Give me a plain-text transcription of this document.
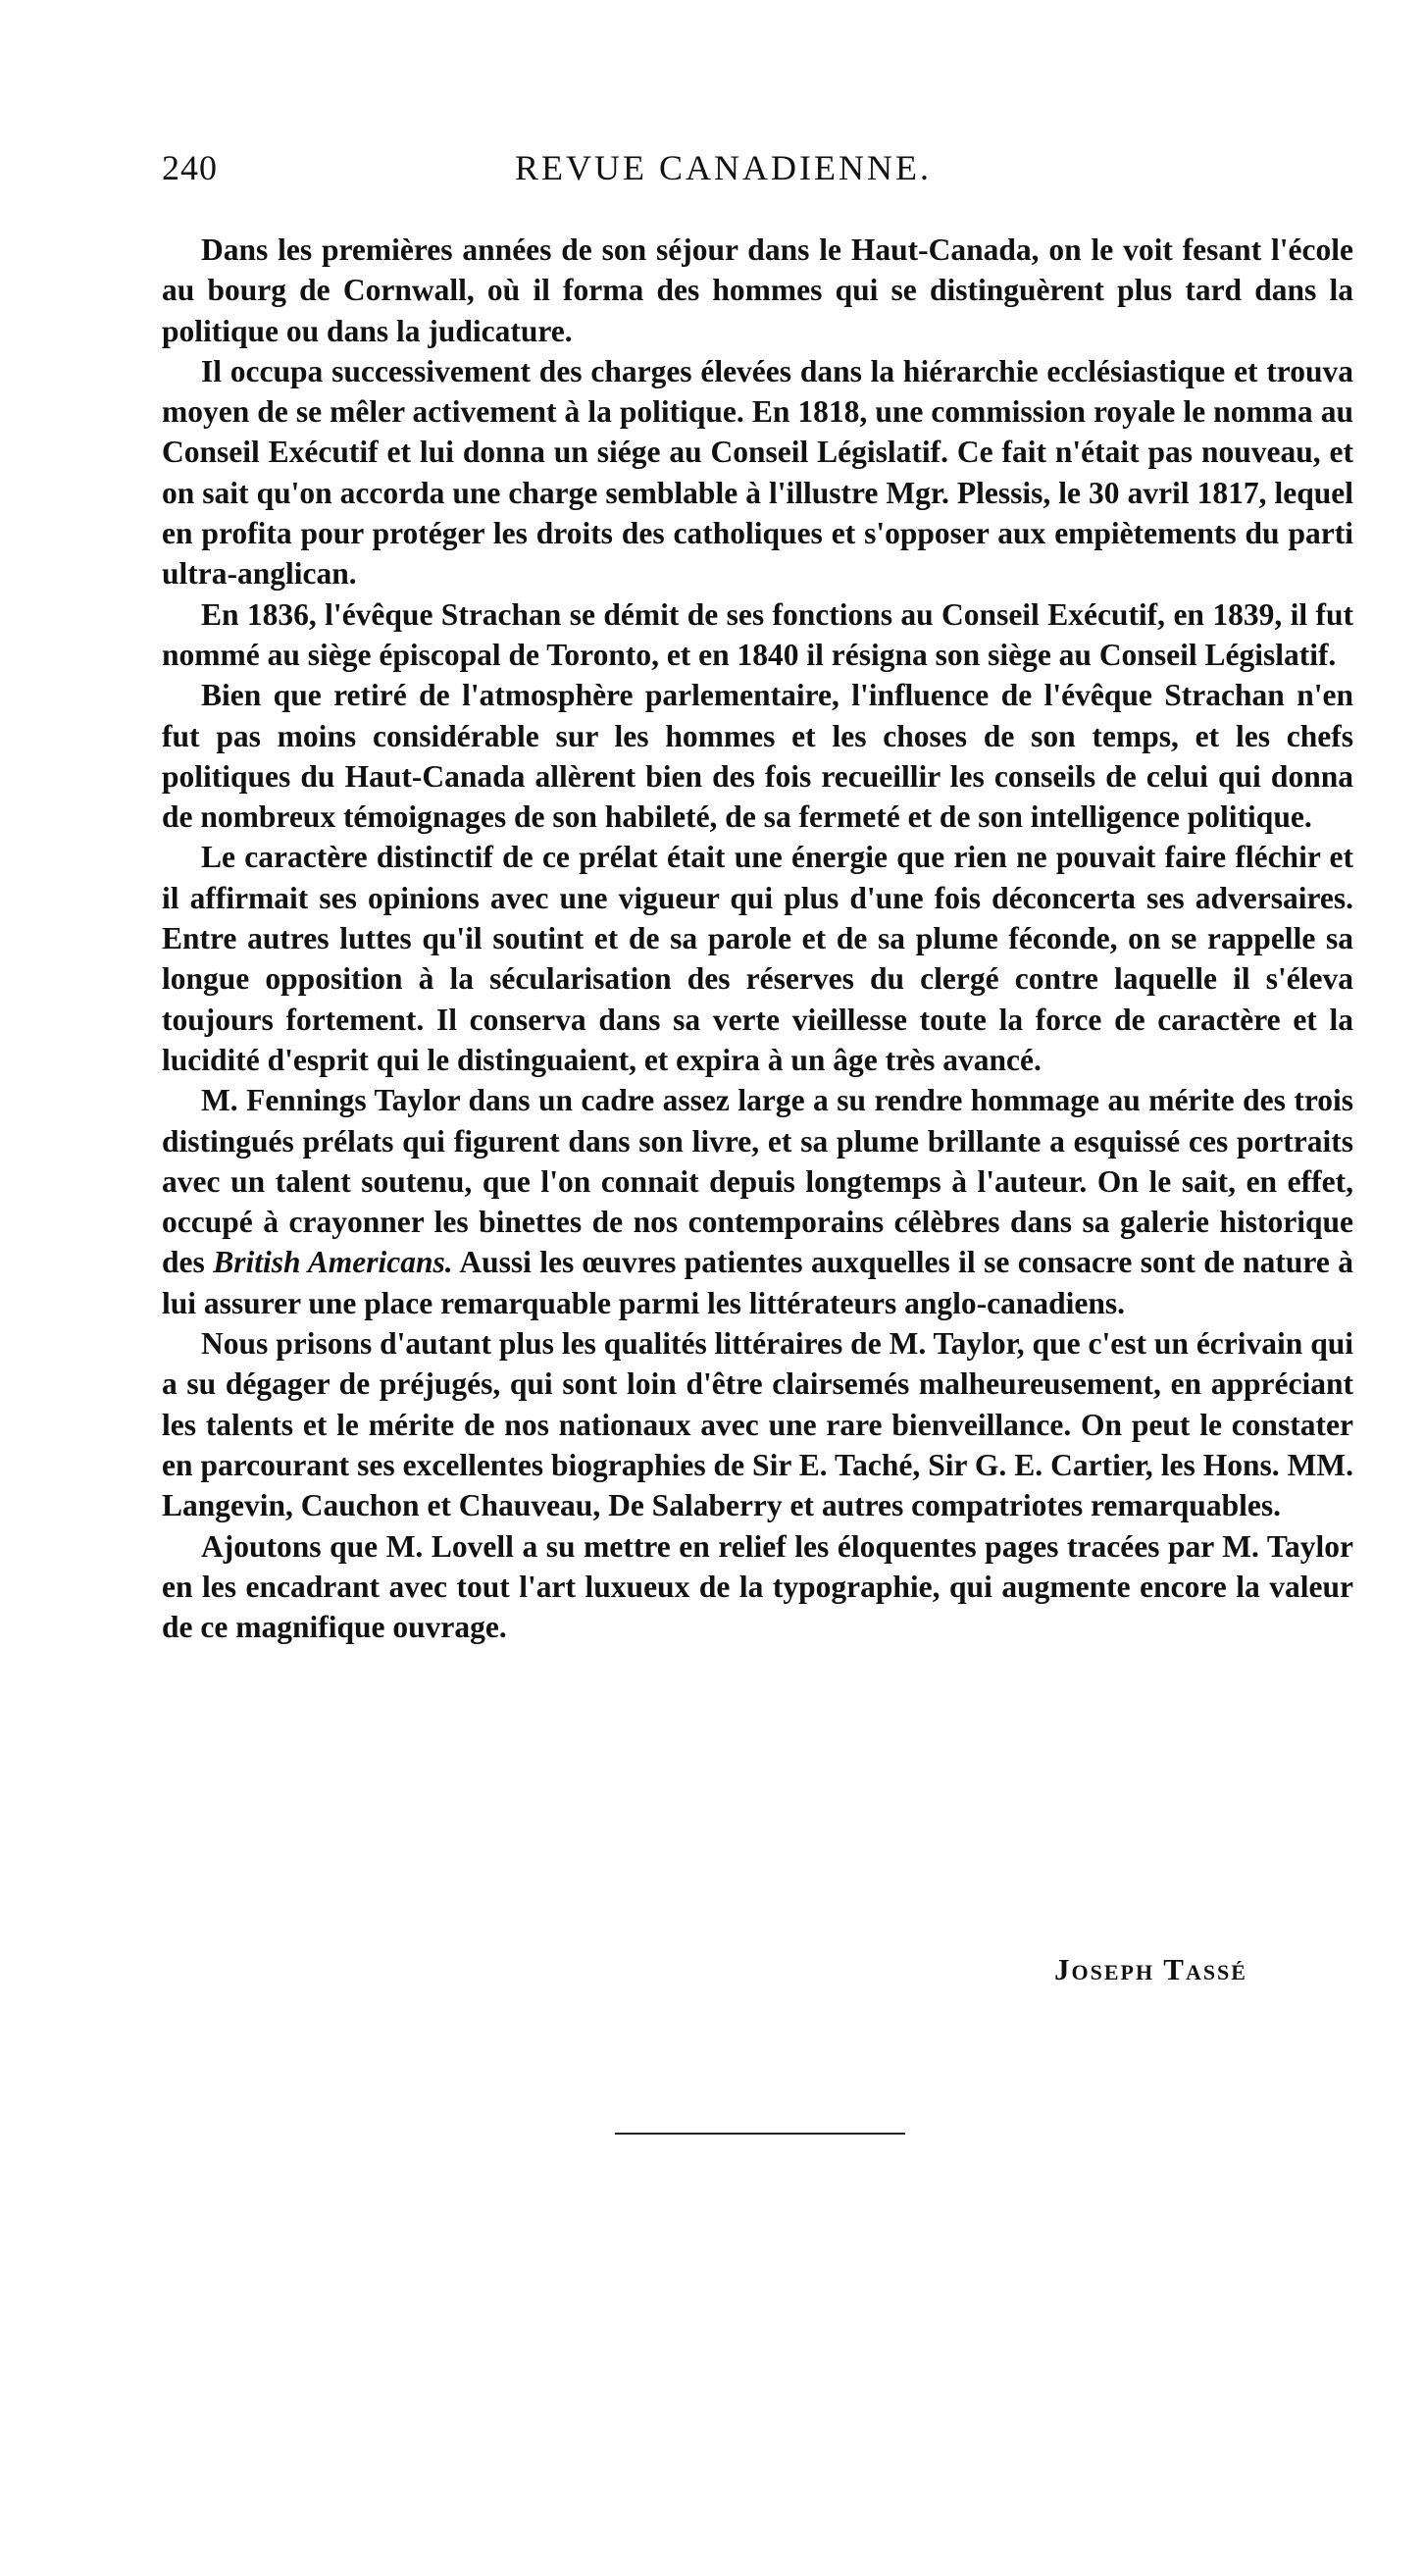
240	REVUE CANADIENNE.

Dans les premières années de son séjour dans le Haut-Canada, on le voit fesant l'école au bourg de Cornwall, où il forma des hommes qui se distinguèrent plus tard dans la politique ou dans la judicature.

Il occupa successivement des charges élevées dans la hiérarchie ecclésiastique et trouva moyen de se mêler activement à la politique. En 1818, une commission royale le nomma au Conseil Exécutif et lui donna un siége au Conseil Législatif. Ce fait n'était pas nouveau, et on sait qu'on accorda une charge semblable à l'illustre Mgr. Plessis, le 30 avril 1817, lequel en profita pour protéger les droits des catholiques et s'opposer aux empiètements du parti ultra-anglican.

En 1836, l'évêque Strachan se démit de ses fonctions au Conseil Exécutif, en 1839, il fut nommé au siège épiscopal de Toronto, et en 1840 il résigna son siège au Conseil Législatif.

Bien que retiré de l'atmosphère parlementaire, l'influence de l'évêque Strachan n'en fut pas moins considérable sur les hommes et les choses de son temps, et les chefs politiques du Haut-Canada allèrent bien des fois recueillir les conseils de celui qui donna de nombreux témoignages de son habileté, de sa fermeté et de son intelligence politique.

Le caractère distinctif de ce prélat était une énergie que rien ne pouvait faire fléchir et il affirmait ses opinions avec une vigueur qui plus d'une fois déconcerta ses adversaires. Entre autres luttes qu'il soutint et de sa parole et de sa plume féconde, on se rappelle sa longue opposition à la sécularisation des réserves du clergé contre laquelle il s'éleva toujours fortement. Il conserva dans sa verte vieillesse toute la force de caractère et la lucidité d'esprit qui le distinguaient, et expira à un âge très avancé.

M. Fennings Taylor dans un cadre assez large a su rendre hommage au mérite des trois distingués prélats qui figurent dans son livre, et sa plume brillante a esquissé ces portraits avec un talent soutenu, que l'on connait depuis longtemps à l'auteur. On le sait, en effet, occupé à crayonner les binettes de nos contemporains célèbres dans sa galerie historique des British Americans. Aussi les œuvres patientes auxquelles il se consacre sont de nature à lui assurer une place remarquable parmi les littérateurs anglo-canadiens.

Nous prisons d'autant plus les qualités littéraires de M. Taylor, que c'est un écrivain qui a su dégager de préjugés, qui sont loin d'être clairsemés malheureusement, en appréciant les talents et le mérite de nos nationaux avec une rare bienveillance. On peut le constater en parcourant ses excellentes biographies de Sir E. Taché, Sir G. E. Cartier, les Hons. MM. Langevin, Cauchon et Chauveau, De Salaberry et autres compatriotes remarquables.

Ajoutons que M. Lovell a su mettre en relief les éloquentes pages tracées par M. Taylor en les encadrant avec tout l'art luxueux de la typographie, qui augmente encore la valeur de ce magnifique ouvrage.

Joseph Tassé
